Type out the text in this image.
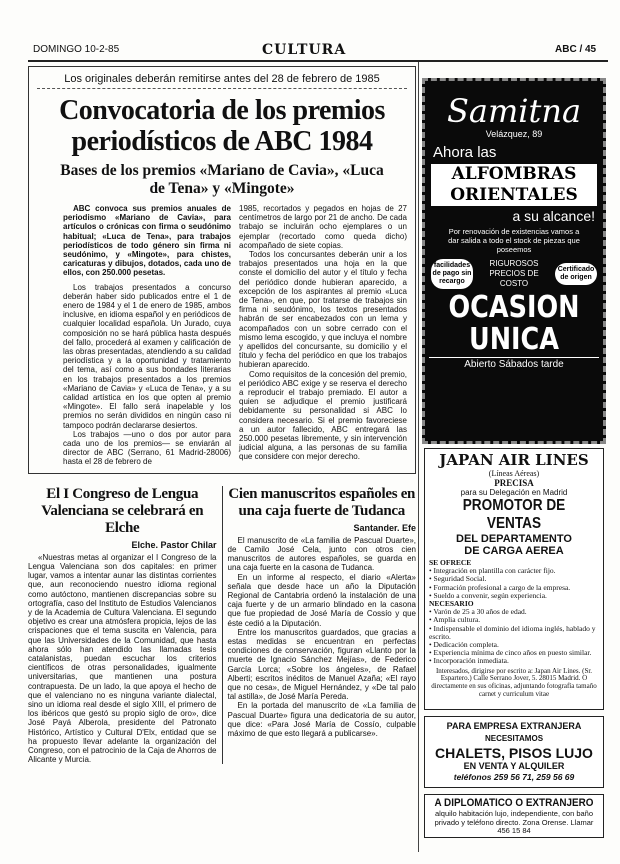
DOMINGO 10-2-85	CULTURA	ABC / 45
Los originales deberán remitirse antes del 28 de febrero de 1985
Convocatoria de los premios periodísticos de ABC 1984
Bases de los premios «Mariano de Cavia», «Luca de Tena» y «Mingote»

ABC convoca sus premios anuales de periodismo «Mariano de Cavia», para artículos o crónicas con firma o seudónimo habitual; «Luca de Tena», para trabajos periodísticos de todo género sin firma ni seudónimo, y «Mingote», para chistes, caricaturas y dibujos, dotados, cada uno de ellos, con 250.000 pesetas.

Los trabajos presentados a concurso deberán haber sido publicados entre el 1 de enero de 1984 y el 1 de enero de 1985, ambos inclusive, en idioma español y en periódicos de cualquier localidad española. Un Jurado, cuya composición no se hará pública hasta después del fallo, procederá al examen y calificación de las obras presentadas, atendiendo a su calidad periodística y a la oportunidad y tratamiento del tema, así como a sus bondades literarias en los trabajos presentados a los premios «Mariano de Cavia» y «Luca de Tena», y a su calidad artística en los que opten al premio «Mingote». El fallo será inapelable y los premios no serán divididos en ningún caso ni tampoco podrán declararse desiertos.

Los trabajos —uno o dos por autor para cada uno de los premios— se enviarán al director de ABC (Serrano, 61 Madrid-28006) hasta el 28 de febrero de

1985, recortados y pegados en hojas de 27 centímetros de largo por 21 de ancho. De cada trabajo se incluirán ocho ejemplares o un ejemplar (recortado como queda dicho) acompañado de siete copias.

Todos los concursantes deberán unir a los trabajos presentados una hoja en la que conste el domicilio del autor y el título y fecha del periódico donde hubieran aparecido, a excepción de los aspirantes al premio «Luca de Tena», en que, por tratarse de trabajos sin firma ni seudónimo, los textos presentados habrán de ser encabezados con un lema y acompañados con un sobre cerrado con el mismo lema escogido, y que incluya el nombre y apellidos del concursante, su domicilio y el título y fecha del periódico en que los trabajos hubieran aparecido.

Como requisitos de la concesión del premio, el periódico ABC exige y se reserva el derecho a reproducir el trabajo premiado. El autor a quien se adjudique el premio justificará debidamente su personalidad si ABC lo considera necesario. Si el premio favoreciese a un autor fallecido, ABC entregará las 250.000 pesetas libremente, y sin intervención judicial alguna, a las personas de su familia que considere con mejor derecho.

El I Congreso de Lengua Valenciana se celebrará en Elche
Elche. Pastor Chilar

«Nuestras metas al organizar el I Congreso de la Lengua Valenciana son dos capitales: en primer lugar, vamos a intentar aunar las distintas corrientes que, aun reconociendo nuestro idioma regional como autóctono, mantienen discrepancias sobre su ortografía, caso del Instituto de Estudios Valencianos y de la Academia de Cultura Valenciana. El segundo objetivo es crear una atmósfera propicia, lejos de las crispaciones que el tema suscita en Valencia, para que las Universidades de la Comunidad, que hasta ahora sólo han atendido las llamadas tesis catalanistas, puedan escuchar los criterios científicos de otras personalidades, igualmente universitarias, que mantienen una postura contrapuesta. De un lado, la que apoya el hecho de que el valenciano no es ninguna variante dialectal, sino un idioma real desde el siglo XIII, el primero de los ibéricos que gestó su propio siglo de oro», dice José Payá Alberola, presidente del Patronato Histórico, Artístico y Cultural D'Elx, entidad que se ha propuesto llevar adelante la organización del Congreso, con el patrocinio de la Caja de Ahorros de Alicante y Murcia.

Cien manuscritos españoles en una caja fuerte de Tudanca
Santander. Efe

El manuscrito de «La familia de Pascual Duarte», de Camilo José Cela, junto con otros cien manuscritos de autores españoles, se guarda en una caja fuerte en la casona de Tudanca.

En un informe al respecto, el diario «Alerta» señala que desde hace un año la Diputación Regional de Cantabria ordenó la instalación de una caja fuerte y de un armario blindado en la casona que fue propiedad de José María de Cossío y que éste cedió a la Diputación.

Entre los manuscritos guardados, que gracias a estas medidas se encuentran en perfectas condiciones de conservación, figuran «Llanto por la muerte de Ignacio Sánchez Mejías», de Federico García Lorca; «Sobre los ángeles», de Rafael Alberti; escritos inéditos de Manuel Azaña; «El rayo que no cesa», de Miguel Hernández, y «De tal palo tal astilla», de José María Pereda.

En la portada del manuscrito de «La familia de Pascual Duarte» figura una dedicatoria de su autor, que dice: «Para José María de Cossío, culpable máximo de que esto llegará a publicarse».

Samitna
Velázquez, 89
Ahora las
ALFOMBRAS
ORIENTALES
a su alcance!
Por renovación de existencias vamos a dar salida a todo el stock de piezas que poseemos
facilidades de pago sin recargo
RIGUROSOS PRECIOS DE COSTO
Certificado de origen
OCASION
UNICA
Abierto Sábados tarde
JAPAN AIR LINES
(Líneas Aéreas)
PRECISA
para su Delegación en Madrid
PROMOTOR DE VENTAS
DEL DEPARTAMENTO
DE CARGA AEREA
SE OFRECE
• Integración en plantilla con carácter fijo.
• Seguridad Social.
• Formación profesional a cargo de la empresa.
• Sueldo a convenir, según experiencia.
NECESARIO
• Varón de 25 a 30 años de edad.
• Amplia cultura.
• Indispensable el dominio del idioma inglés, hablado y escrito.
• Dedicación completa.
• Experiencia mínima de cinco años en puesto similar.
• Incorporación inmediata.
Interesados, dirigirse por escrito a: Japan Air Lines. (Sr. Espartero.) Calle Serrano Jover, 5. 28015 Madrid. O directamente en sus oficinas, adjuntando fotografía tamaño carnet y curriculum vitae
PARA EMPRESA EXTRANJERA
NECESITAMOS
CHALETS, PISOS LUJO
EN VENTA Y ALQUILER
teléfonos 259 56 71, 259 56 69
A DIPLOMATICO O EXTRANJERO
alquilo habitación lujo, independiente, con baño privado y teléfono directo. Zona Orense. Llamar 456 15 84
